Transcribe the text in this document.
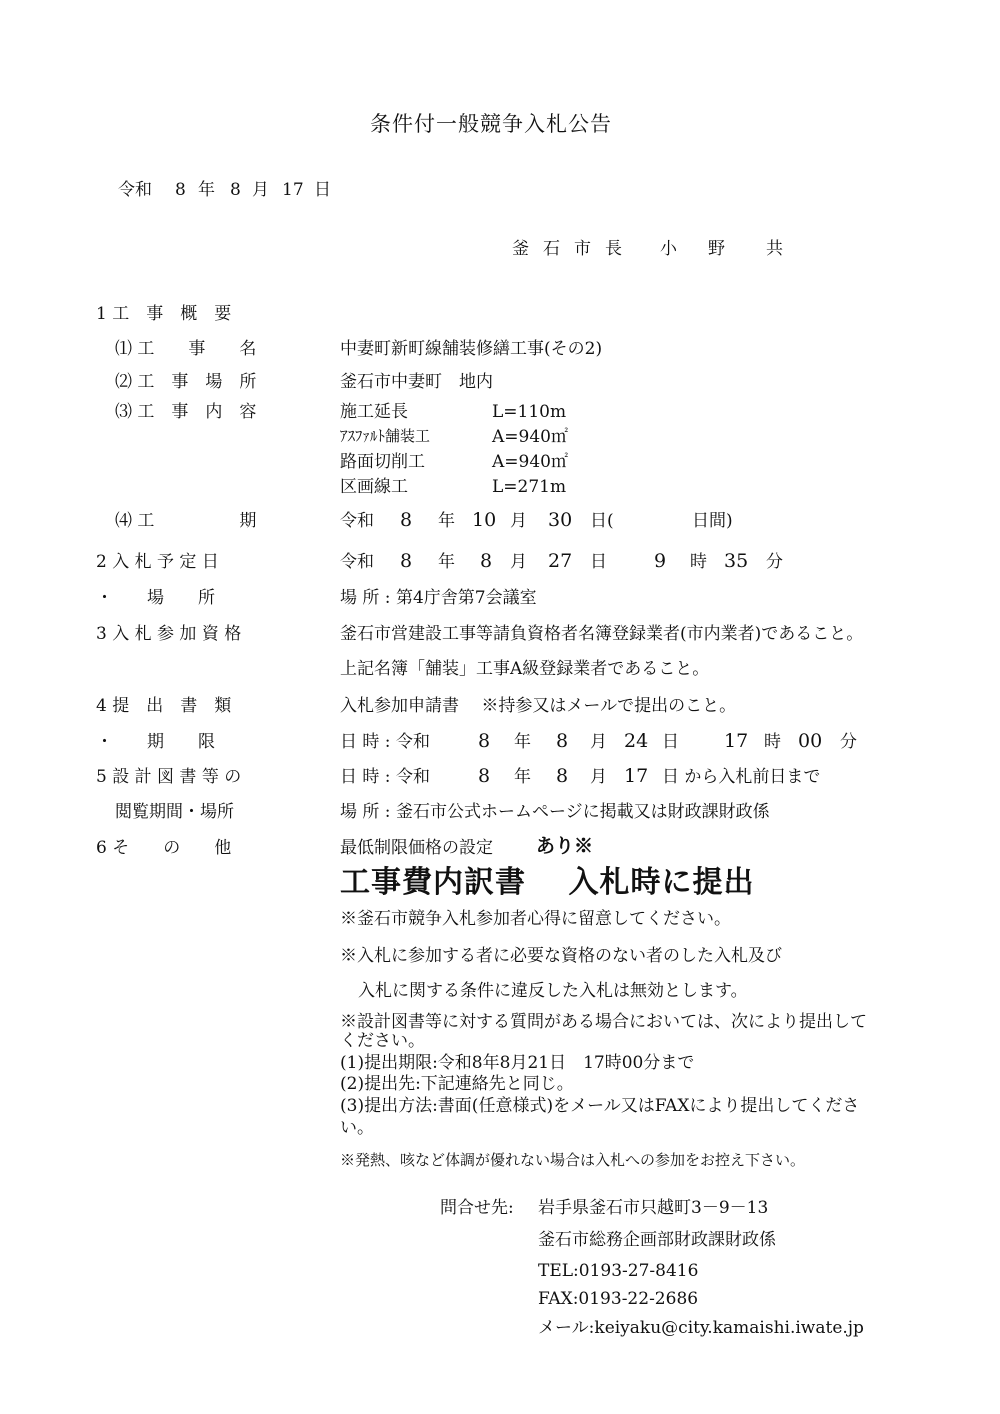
条件付一般競争入札公告
令和 8 年 8 月 17 日
釜石市長 小 野 共
1 工　事　概　要
⑴ 工　　事　　名	中妻町新町線舗装修繕工事(その2)
⑵ 工　事　場　所	釜石市中妻町　地内
⑶ 工　事　内　容	施工延長	L=110m
ｱｽﾌｧﾙﾄ舗装工	A=940㎡
路面切削工	A=940㎡
区画線工	L=271m
⑷ 工　　　　　期	令和 8 年 10 月 30 日(	日間)
2 入 札 予 定 日	令和 8 年 8 月 27 日 9 時 35 分
・　　場　　所	場 所 : 第4庁舎第7会議室
3 入 札 参 加 資 格	釜石市営建設工事等請負資格者名簿登録業者(市内業者)であること。
上記名簿「舗装」工事A級登録業者であること。
4 提　出　書　類	入札参加申請書　 ※持参又はメールで提出のこと。
・　　期　　限	日 時 : 令和	8 年 8 月 24 日 17 時 00 分
5 設 計 図 書 等 の	日 時 : 令和	8 年 8 月 17 日 から入札前日まで
閲覧期間・場所	場 所 : 釜石市公式ホームページに掲載又は財政課財政係
6 そ　　の　　他	最低制限価格の設定 あり※
工事費内訳書　 入札時に提出
※釜石市競争入札参加者心得に留意してください。
※入札に参加する者に必要な資格のない者のした入札及び
入札に関する条件に違反した入札は無効とします。
※設計図書等に対する質問がある場合においては、次により提出して
ください。
(1)提出期限:令和8年8月21日　17時00分まで
(2)提出先:下記連絡先と同じ。
(3)提出方法:書面(任意様式)をメール又はFAXにより提出してくださ
い。
※発熱、咳など体調が優れない場合は入札への参加をお控え下さい。
問合せ先: 岩手県釜石市只越町3－9－13
釜石市総務企画部財政課財政係
TEL:0193-27-8416
FAX:0193-22-2686
メール:keiyaku@city.kamaishi.iwate.jp
